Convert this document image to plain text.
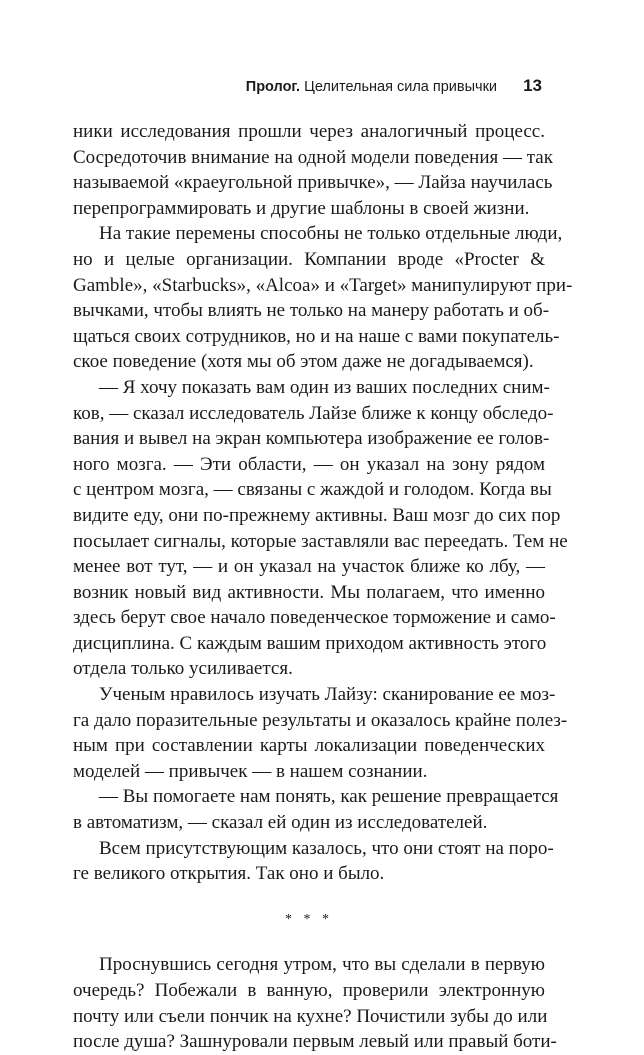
Пролог. Целительная сила привычки 13
ники исследования прошли через аналогичный процесс.
Сосредоточив внимание на одной модели поведения — так
называемой «краеугольной привычке», — Лайза научилась
перепрограммировать и другие шаблоны в своей жизни.
На такие перемены способны не только отдельные люди,
но и целые организации. Компании вроде «Procter &
Gamble», «Starbucks», «Alcoa» и «Target» манипулируют при-
вычками, чтобы влиять не только на манеру работать и об-
щаться своих сотрудников, но и на наше с вами покупатель-
ское поведение (хотя мы об этом даже не догадываемся).
— Я хочу показать вам один из ваших последних сним-
ков, — сказал исследователь Лайзе ближе к концу обследо-
вания и вывел на экран компьютера изображение ее голов-
ного мозга. — Эти области, — он указал на зону рядом
с центром мозга, — связаны с жаждой и голодом. Когда вы
видите еду, они по-прежнему активны. Ваш мозг до сих пор
посылает сигналы, которые заставляли вас переедать. Тем не
менее вот тут, — и он указал на участок ближе ко лбу, —
возник новый вид активности. Мы полагаем, что именно
здесь берут свое начало поведенческое торможение и само-
дисциплина. С каждым вашим приходом активность этого
отдела только усиливается.
Ученым нравилось изучать Лайзу: сканирование ее моз-
га дало поразительные результаты и оказалось крайне полез-
ным при составлении карты локализации поведенческих
моделей — привычек — в нашем сознании.
— Вы помогаете нам понять, как решение превращается
в автоматизм, — сказал ей один из исследователей.
Всем присутствующим казалось, что они стоят на поро-
ге великого открытия. Так оно и было.
* * *
Проснувшись сегодня утром, что вы сделали в первую
очередь? Побежали в ванную, проверили электронную
почту или съели пончик на кухне? Почистили зубы до или
после душа? Зашнуровали первым левый или правый боти-
